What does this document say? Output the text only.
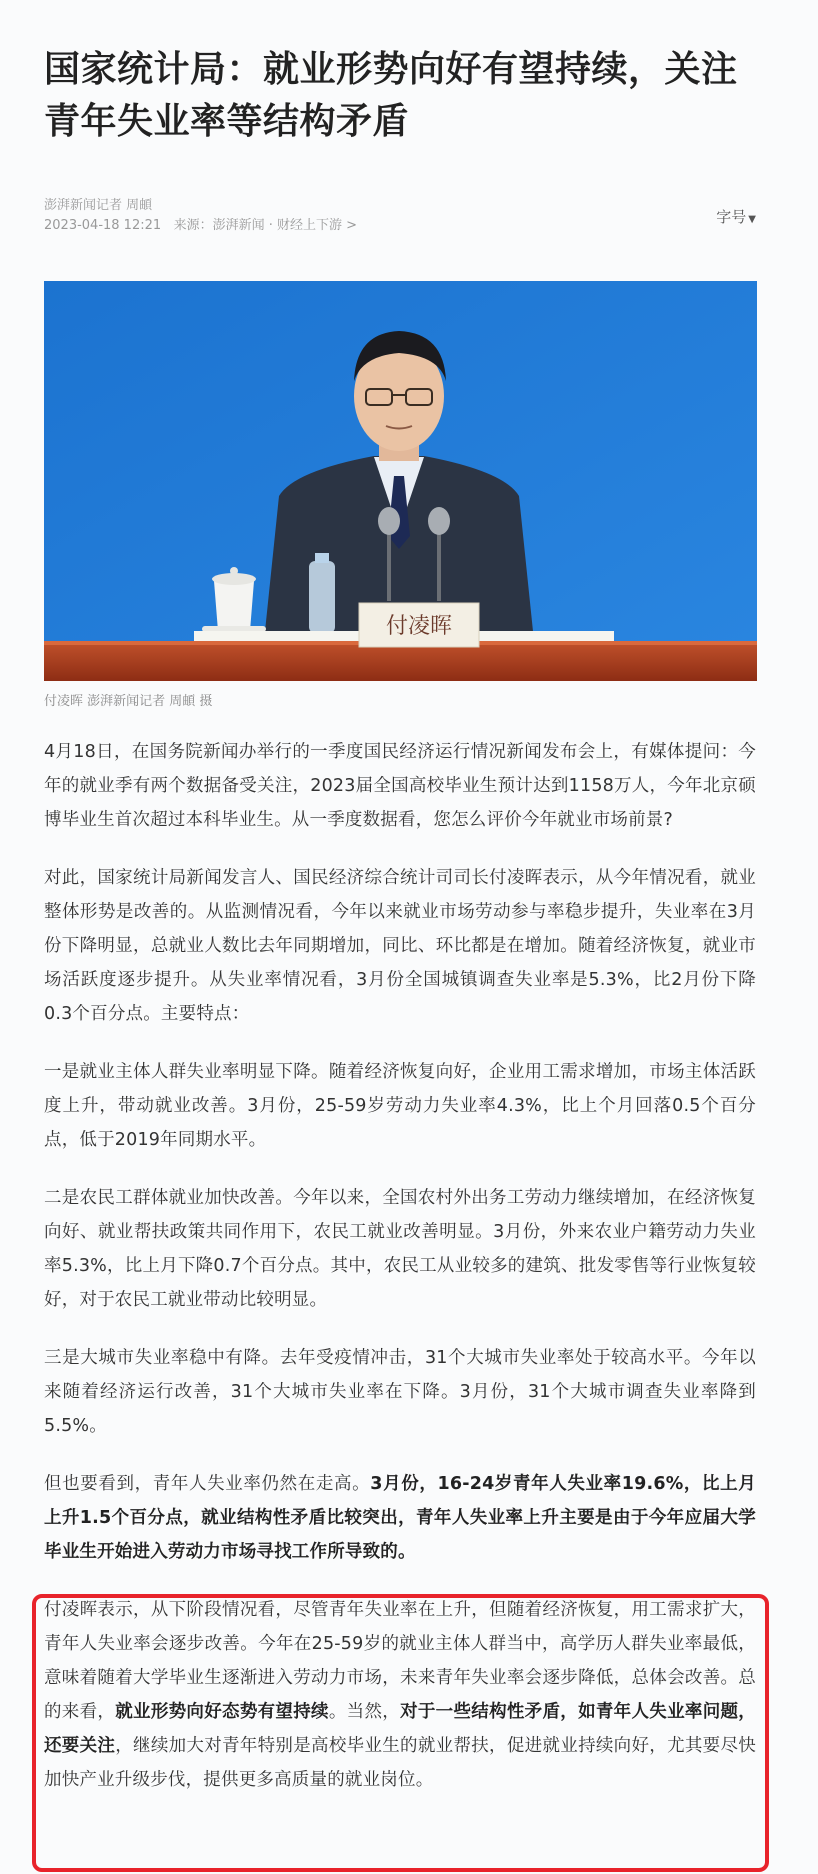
国家统计局：就业形势向好有望持续，关注青年失业率等结构矛盾
澎湃新闻记者 周頔
2023-04-18 12:21 来源：澎湃新闻 · 财经上下游 >	字号 ▼
付凌晖
付凌晖 澎湃新闻记者 周頔 摄

4月18日，在国务院新闻办举行的一季度国民经济运行情况新闻发布会上，有媒体提问：今年的就业季有两个数据备受关注，2023届全国高校毕业生预计达到1158万人，今年北京硕博毕业生首次超过本科毕业生。从一季度数据看，您怎么评价今年就业市场前景?

对此，国家统计局新闻发言人、国民经济综合统计司司长付凌晖表示，从今年情况看，就业整体形势是改善的。从监测情况看，今年以来就业市场劳动参与率稳步提升，失业率在3月份下降明显，总就业人数比去年同期增加，同比、环比都是在增加。随着经济恢复，就业市场活跃度逐步提升。从失业率情况看，3月份全国城镇调查失业率是5.3%，比2月份下降0.3个百分点。主要特点：

一是就业主体人群失业率明显下降。随着经济恢复向好，企业用工需求增加，市场主体活跃度上升，带动就业改善。3月份，25-59岁劳动力失业率4.3%，比上个月回落0.5个百分点，低于2019年同期水平。

二是农民工群体就业加快改善。今年以来，全国农村外出务工劳动力继续增加，在经济恢复向好、就业帮扶政策共同作用下，农民工就业改善明显。3月份，外来农业户籍劳动力失业率5.3%，比上月下降0.7个百分点。其中，农民工从业较多的建筑、批发零售等行业恢复较好，对于农民工就业带动比较明显。

三是大城市失业率稳中有降。去年受疫情冲击，31个大城市失业率处于较高水平。今年以来随着经济运行改善，31个大城市失业率在下降。3月份，31个大城市调查失业率降到5.5%。

但也要看到，青年人失业率仍然在走高。3月份，16-24岁青年人失业率19.6%，比上月上升1.5个百分点，就业结构性矛盾比较突出，青年人失业率上升主要是由于今年应届大学毕业生开始进入劳动力市场寻找工作所导致的。

付凌晖表示，从下阶段情况看，尽管青年失业率在上升，但随着经济恢复，用工需求扩大，青年人失业率会逐步改善。今年在25-59岁的就业主体人群当中，高学历人群失业率最低，意味着随着大学毕业生逐渐进入劳动力市场，未来青年失业率会逐步降低，总体会改善。总的来看，就业形势向好态势有望持续。当然，对于一些结构性矛盾，如青年人失业率问题，还要关注，继续加大对青年特别是高校毕业生的就业帮扶，促进就业持续向好，尤其要尽快加快产业升级步伐，提供更多高质量的就业岗位。
